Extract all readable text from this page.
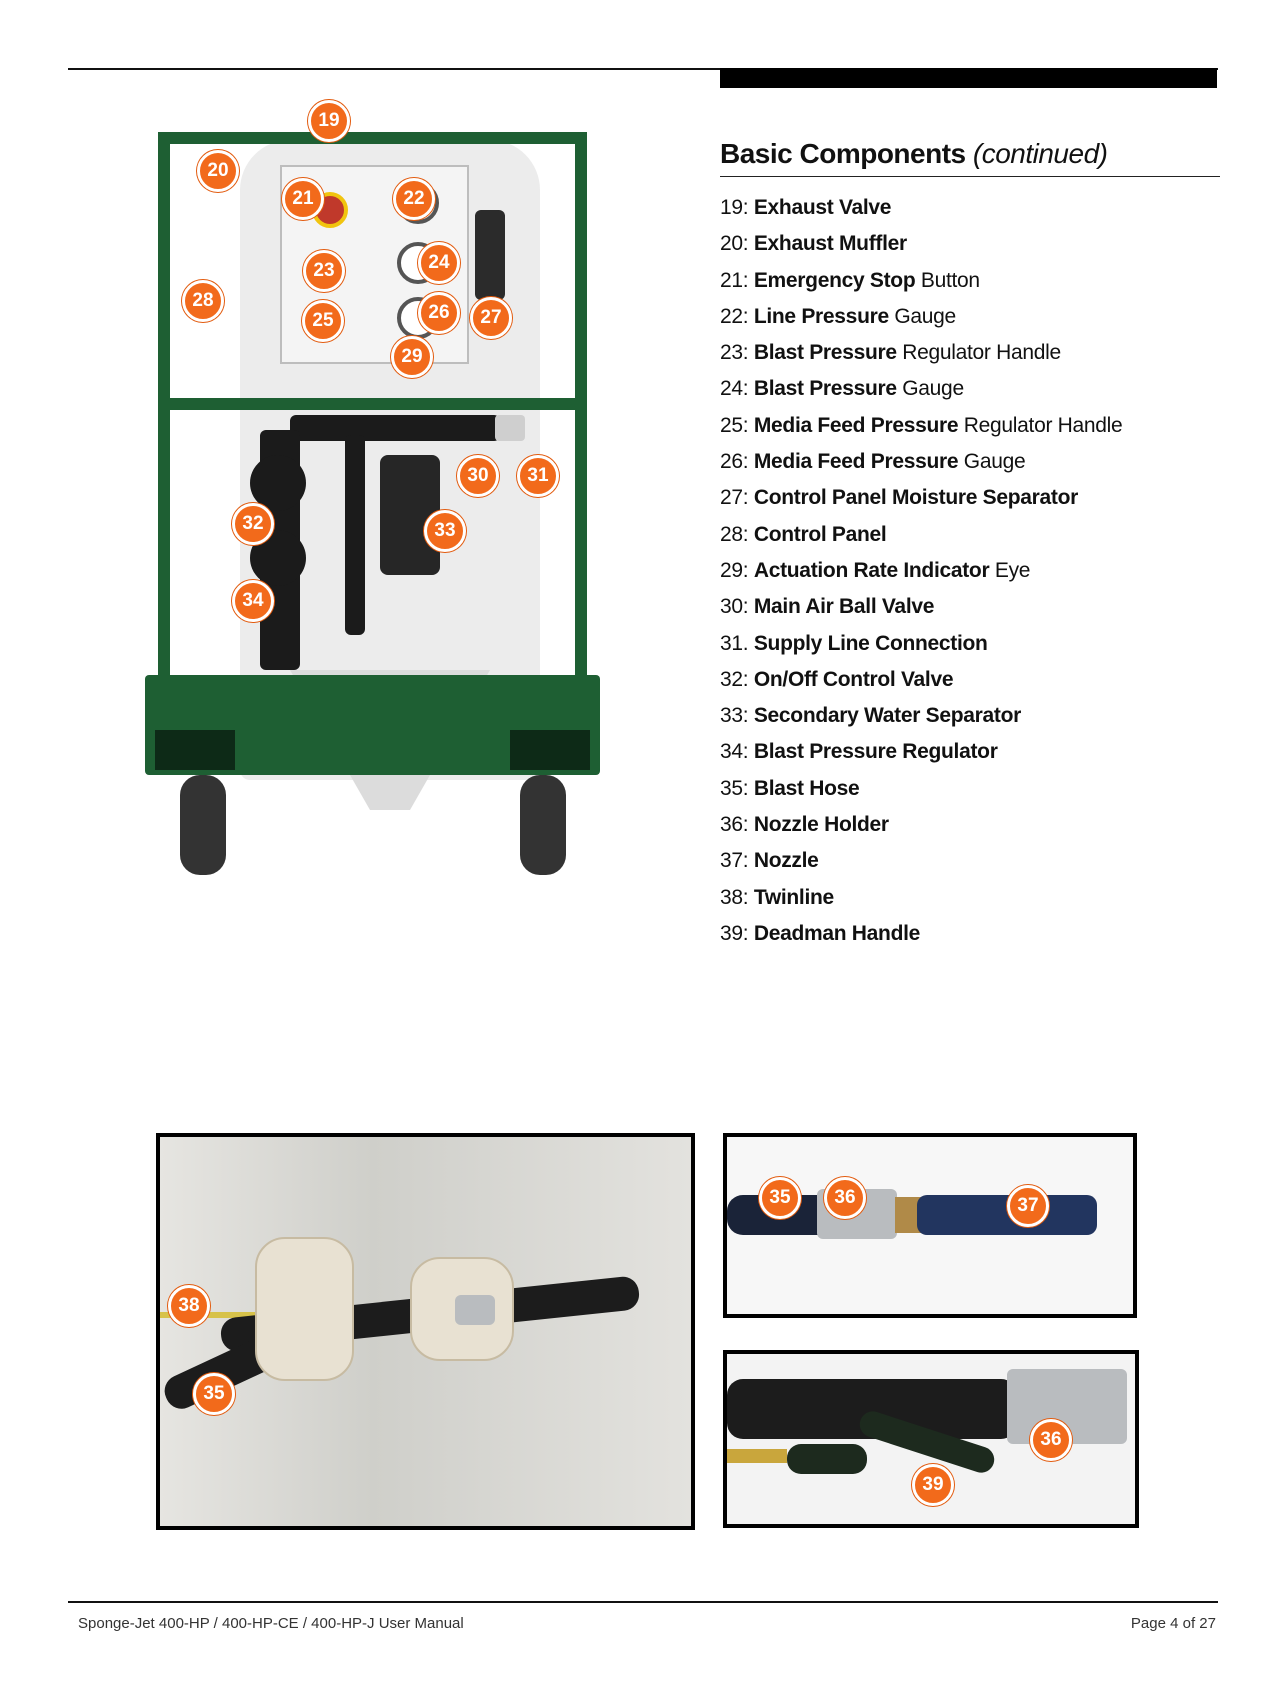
19
20
21	22
23	24
25	26	27
28
29
30	31
32	33
34
Basic Components (continued)
19: Exhaust Valve
20: Exhaust Muffler
21: Emergency Stop Button
22: Line Pressure Gauge
23: Blast Pressure Regulator Handle
24: Blast Pressure Gauge
25: Media Feed Pressure Regulator Handle
26: Media Feed Pressure Gauge
27: Control Panel Moisture Separator
28: Control Panel
29: Actuation Rate Indicator Eye
30: Main Air Ball Valve
31. Supply Line Connection
32: On/Off Control Valve
33: Secondary Water Separator
34: Blast Pressure Regulator
35: Blast Hose
36: Nozzle Holder
37: Nozzle
38: Twinline
39: Deadman Handle
38
35
35	36	37
36
39
Sponge-Jet 400-HP / 400-HP-CE / 400-HP-J User Manual	Page 4 of 27
